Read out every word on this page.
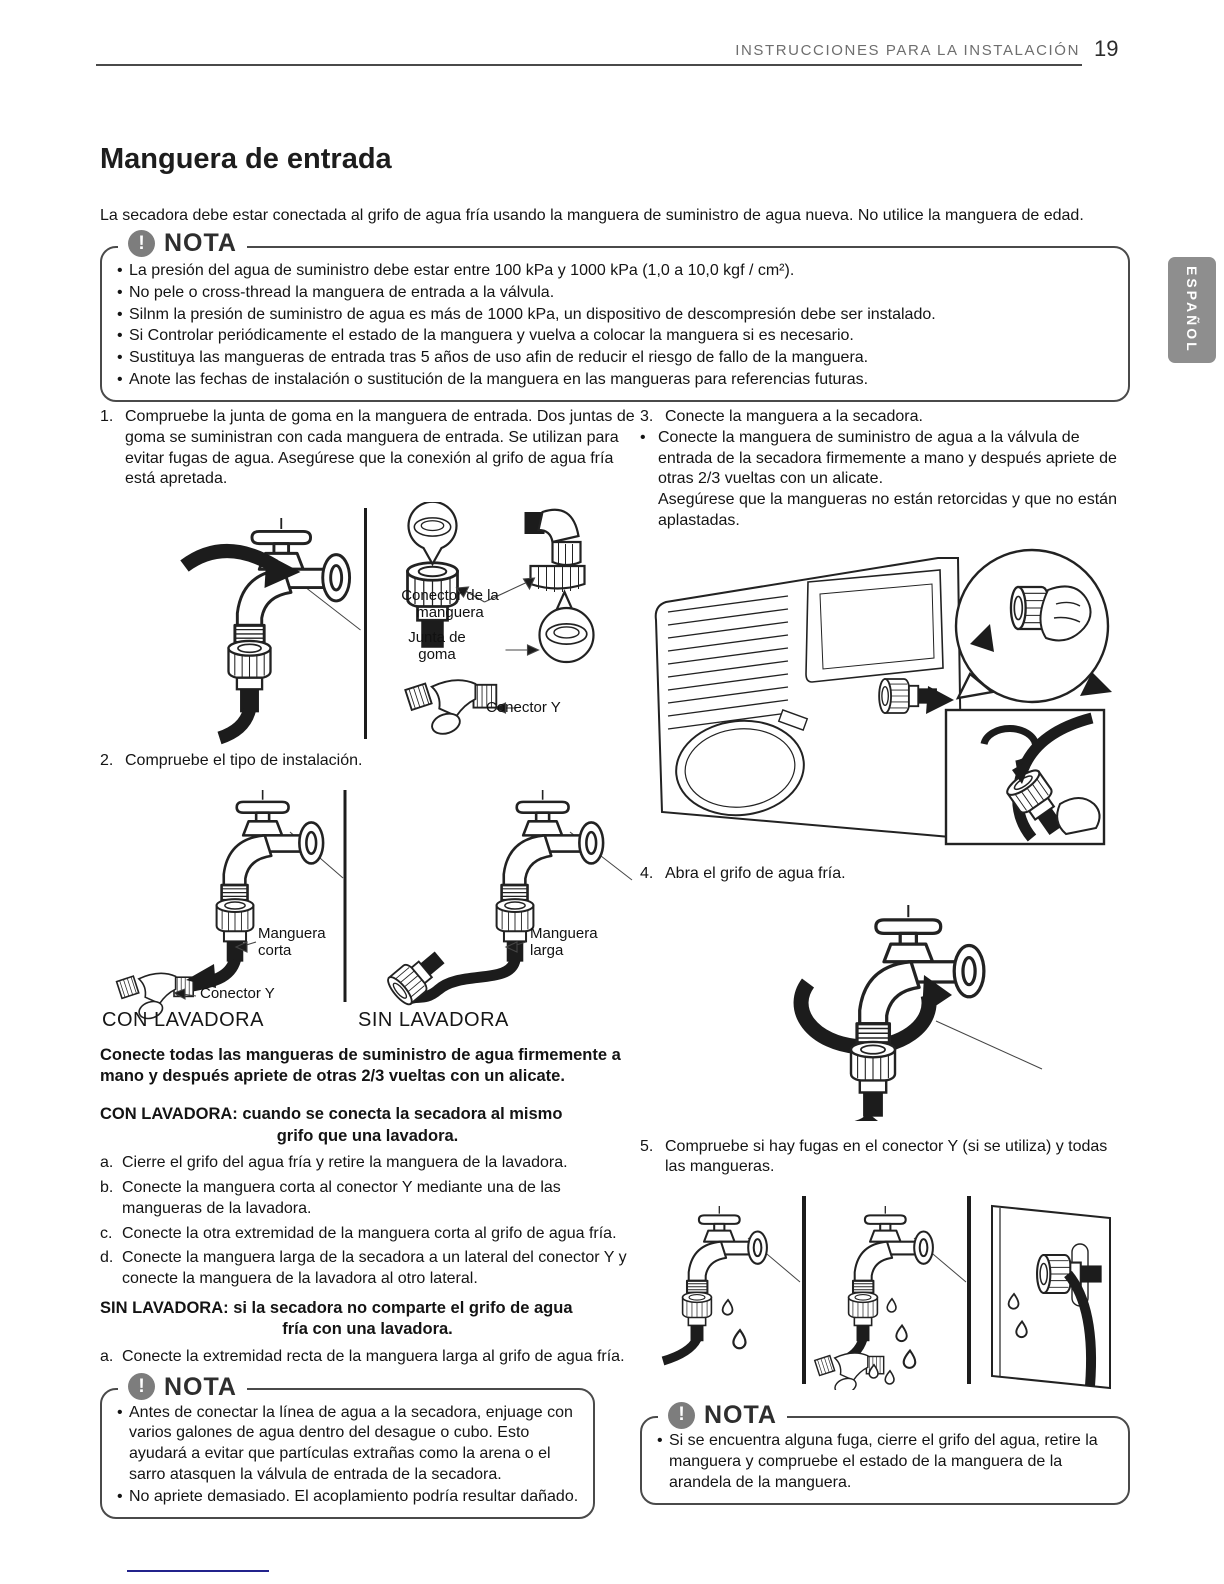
INSTRUCCIONES PARA LA INSTALACIÓN 19
ESPAÑOL
Manguera de entrada

La secadora debe estar conectada al grifo de agua fría usando la manguera de suministro de agua nueva. No utilice la manguera de edad.

! NOTA
• La presión del agua de suministro debe estar entre 100 kPa y 1000 kPa (1,0 a 10,0 kgf / cm²).
• No pele o cross-thread la manguera de entrada a la válvula.
• Silnm la presión de suministro de agua es más de 1000 kPa, un dispositivo de descompresión debe ser instalado.
• Si Controlar periódicamente el estado de la manguera y vuelva a colocar la manguera si es necesario.
• Sustituya las mangueras de entrada tras 5 años de uso afin de reducir el riesgo de fallo de la manguera.
• Anote las fechas de instalación o sustitución de la manguera en las mangueras para referencias futuras.
1. Compruebe la junta de goma en la manguera de entrada. Dos juntas de goma se suministran con cada manguera de entrada. Se utilizan para evitar fugas de agua. Asegúrese que la conexión al grifo de agua fría está apretada.
Conector de la manguera
Junta de goma
Conector Y
2. Compruebe el tipo de instalación.
Manguera corta
Conector Y
Manguera larga
CON LAVADORA	SIN LAVADORA

Conecte todas las mangueras de suministro de agua firmemente a mano y después apriete de otras 2/3 vueltas con un alicate.

CON LAVADORA: cuando se conecta la secadora al mismo
grifo que una lavadora.
a. Cierre el grifo del agua fría y retire la manguera de la lavadora.
b. Conecte la manguera corta al conector Y mediante una de las mangueras de la lavadora.
c. Conecte la otra extremidad de la manguera corta al grifo de agua fría.
d. Conecte la manguera larga de la secadora a un lateral del conector Y y conecte la manguera de la lavadora al otro lateral.
SIN LAVADORA: si la secadora no comparte el grifo de agua
fría con una lavadora.
a. Conecte la extremidad recta de la manguera larga al grifo de agua fría.
! NOTA
• Antes de conectar la línea de agua a la secadora, enjuage con varios galones de agua dentro del desague o cubo. Esto ayudará a evitar que partículas extrañas como la arena o el sarro atasquen la válvula de entrada de la secadora.
• No apriete demasiado. El acoplamiento podría resultar dañado.
3. Conecte la manguera a la secadora.
• Conecte la manguera de suministro de agua a la válvula de entrada de la secadora firmemente a mano y después apriete de otras 2/3 vueltas con un alicate.
Asegúrese que la mangueras no están retorcidas y que no están aplastadas.
4. Abra el grifo de agua fría.
5. Compruebe si hay fugas en el conector Y (si se utiliza) y todas las mangueras.
! NOTA
• Si se encuentra alguna fuga, cierre el grifo del agua, retire la manguera y compruebe el estado de la manguera de la arandela de la manguera.
